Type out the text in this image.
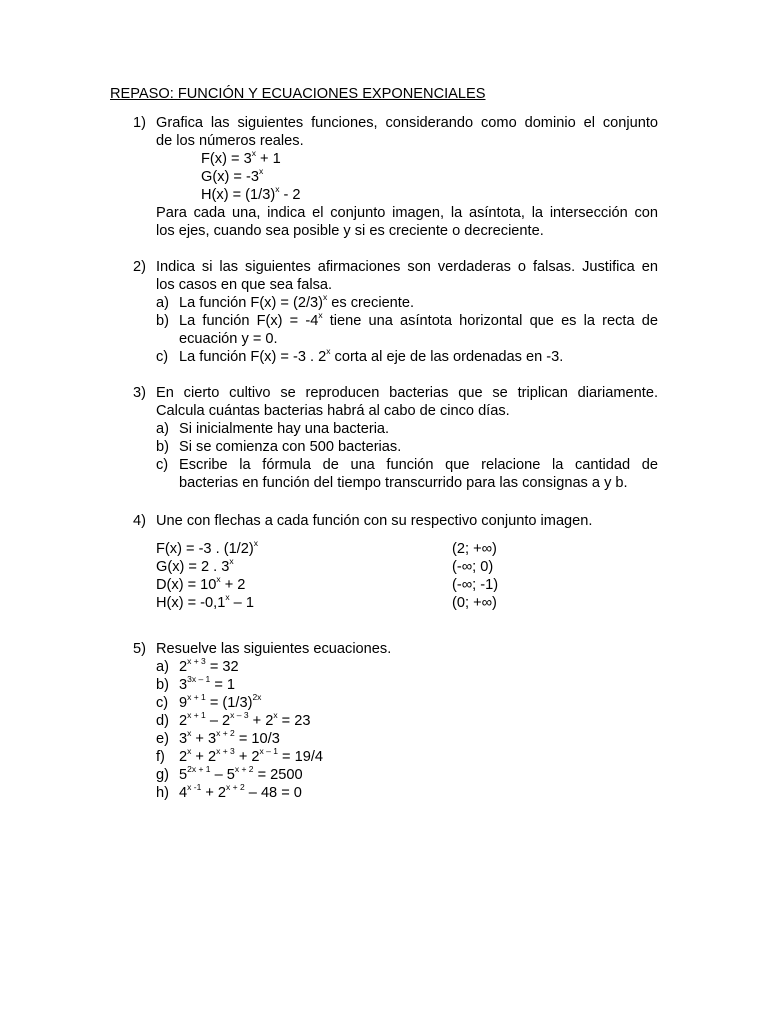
REPASO: FUNCIÓN Y ECUACIONES EXPONENCIALES
1) Grafica las siguientes funciones, considerando como dominio el conjunto
de los números reales.
$F(x) = 3^x + 1$
$G(x) = -3^x$
$H(x) = (1/3)^x - 2$
Para cada una, indica el conjunto imagen, la asíntota, la intersección con
los ejes, cuando sea posible y si es creciente o decreciente.
2) Indica si las siguientes afirmaciones son verdaderas o falsas. Justifica en
los casos en que sea falsa.
a) La función $F(x) = (2/3)^x$ es creciente.
b) La función $F(x) = -4^x$ tiene una asíntota horizontal que es la recta de
ecuación y = 0.
c) La función F(x) = -3 . 2$^x$ corta al eje de las ordenadas en -3.
3) En cierto cultivo se reproducen bacterias que se triplican diariamente.
Calcula cuántas bacterias habrá al cabo de cinco días.
a) Si inicialmente hay una bacteria.
b) Si se comienza con 500 bacterias.
c) Escribe la fórmula de una función que relacione la cantidad de
bacterias en función del tiempo transcurrido para las consignas a y b.
4) Une con flechas a cada función con su respectivo conjunto imagen.
F(x) = -3 . $(1/2)^x$	(2; +∞)
G(x) = 2 . 3$^x$	(-∞; 0)
$D(x) = 10^x + 2$	(-∞; -1)
$H(x) = -0,1^x - 1$	(0; +∞)
5) Resuelve las siguientes ecuaciones.
a) $2^{x + 3} = 32$
b) $3^{3x - 1} = 1$
c) $9^{x + 1} = (1/3)^{2x}$
d) $2^{x + 1} - 2^{x - 3} + 2^x = 23$
e) $3^x + 3^{x + 2} = 10/3$
f) $2^x + 2^{x + 3} + 2^{x - 1} = 19/4$
g) $5^{2x + 1} - 5^{x + 2} = 2500$
h) $4^{x -1} + 2^{x + 2} - 48 = 0$
